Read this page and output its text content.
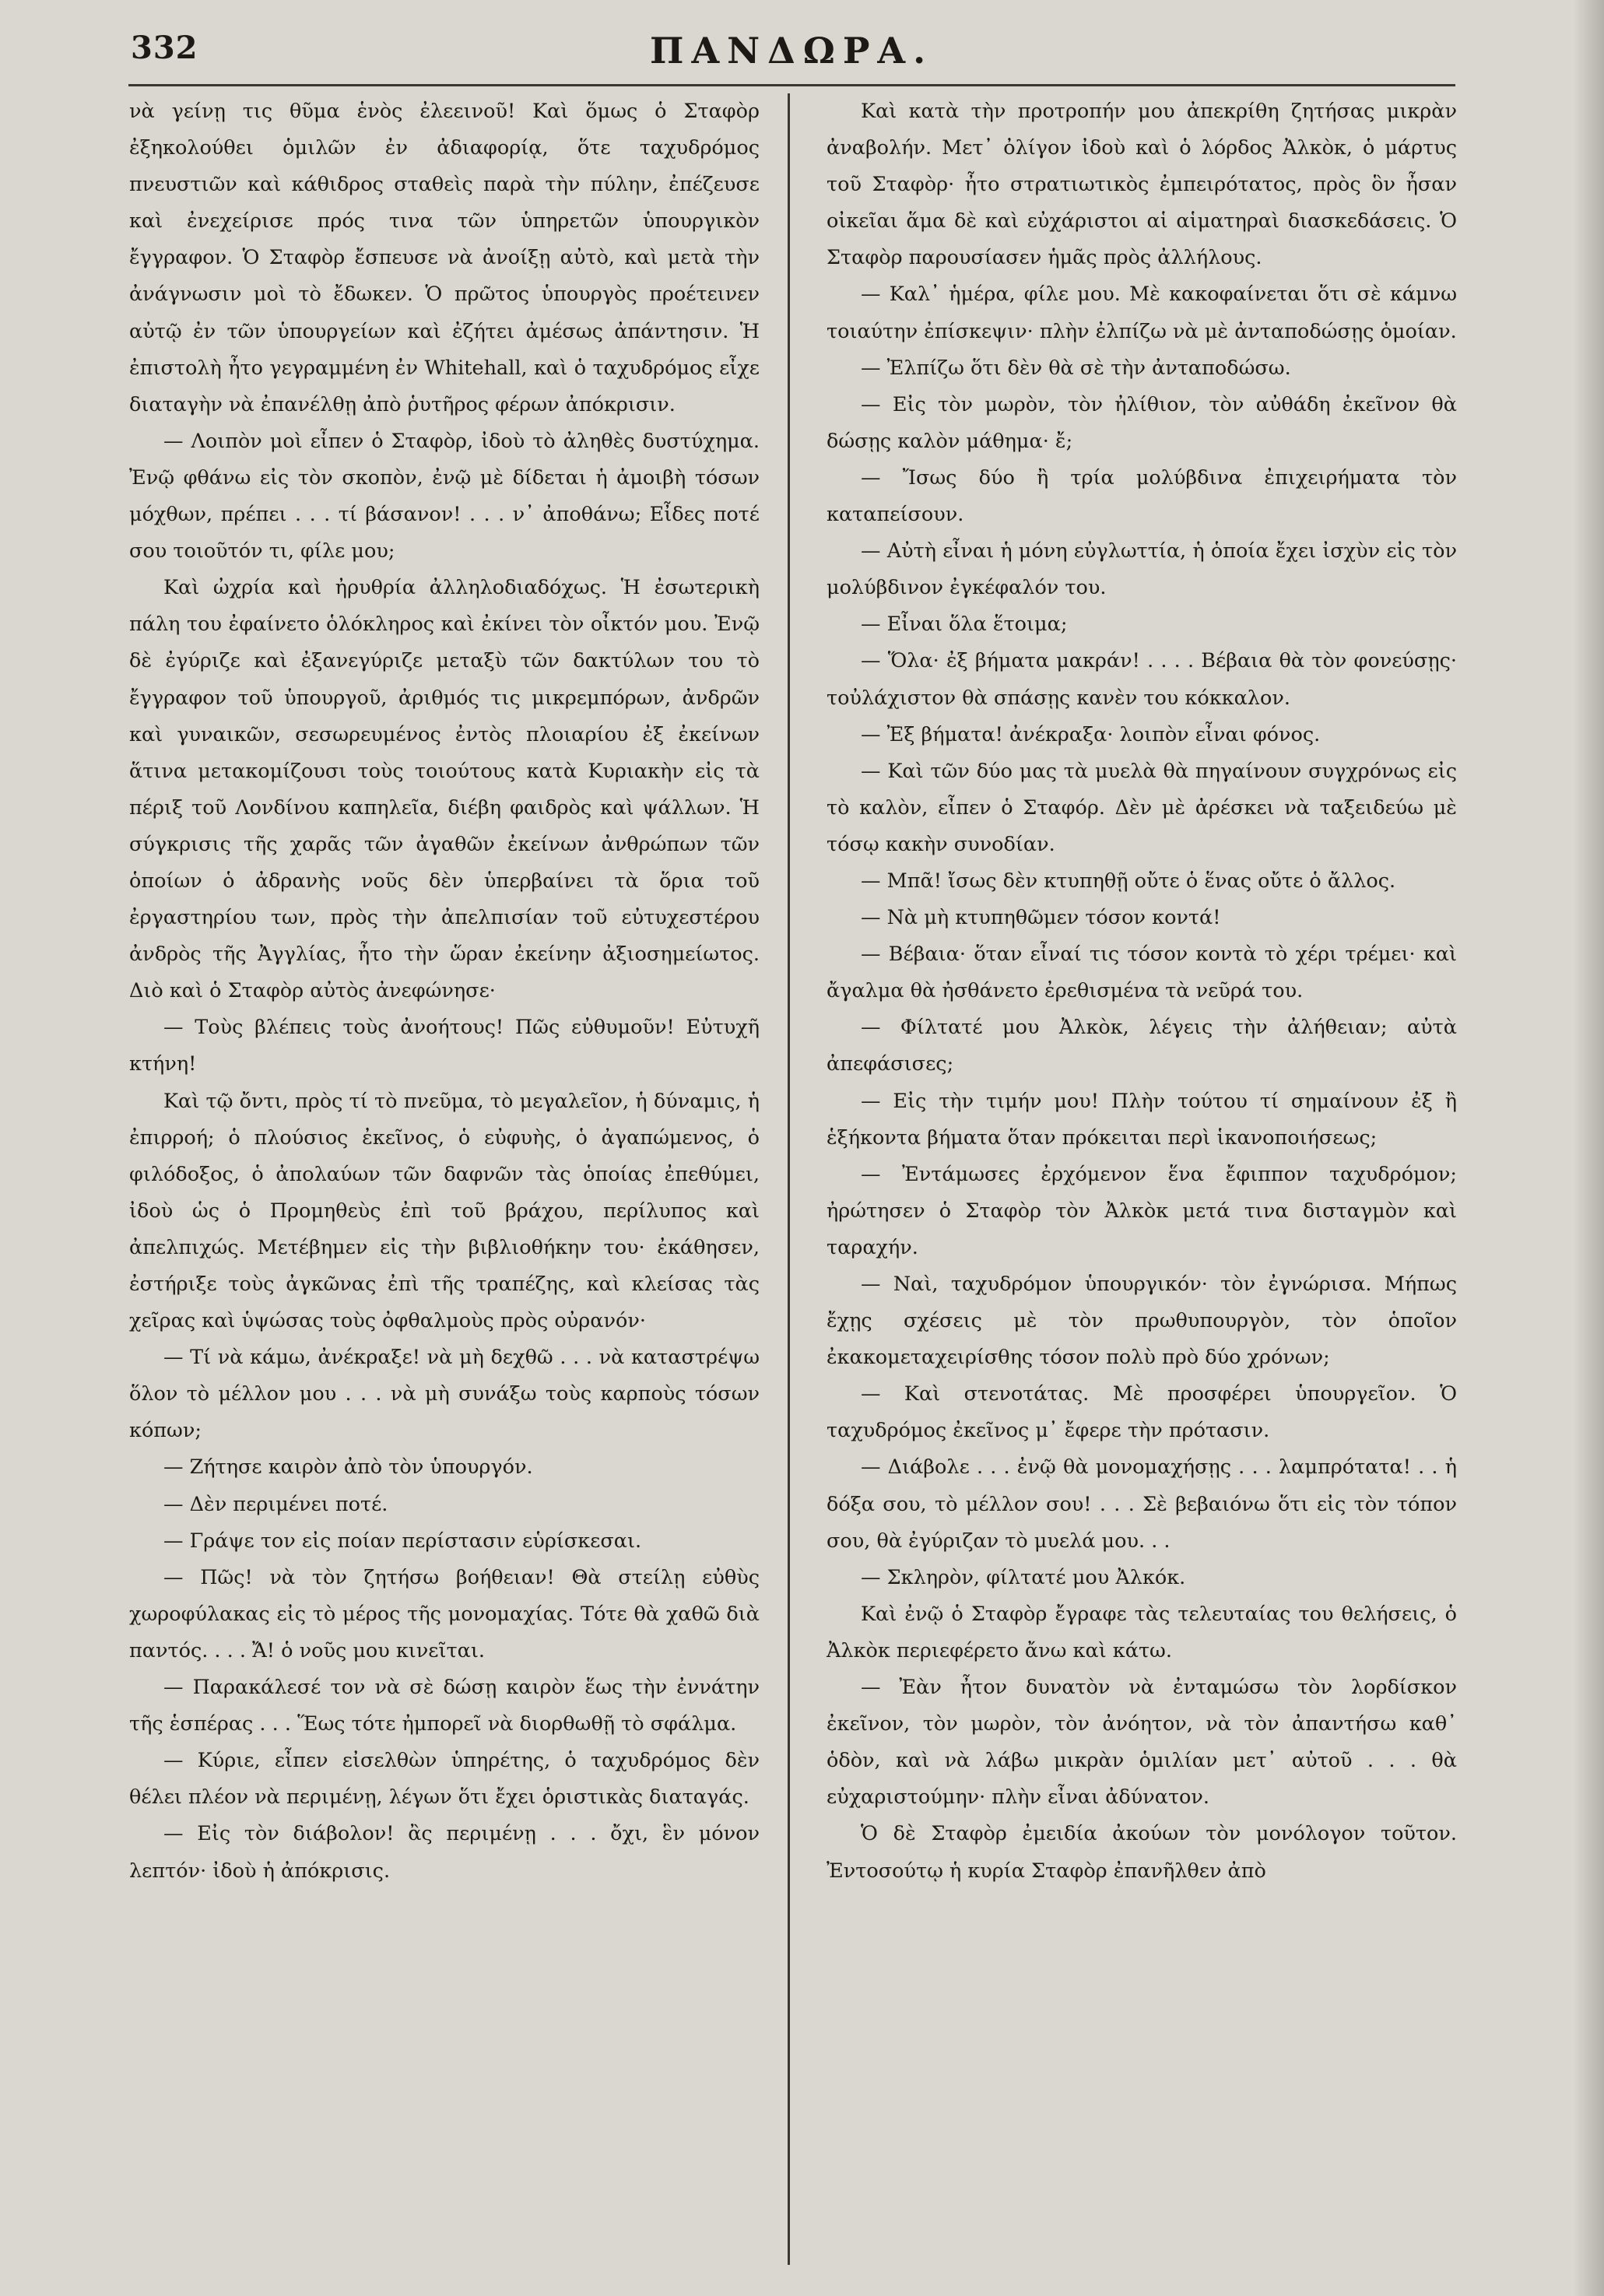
332	ΠΑΝΔΩΡΑ.

νὰ γείνῃ τις θῦμα ἑνὸς ἐλεεινοῦ! Καὶ ὅμως ὁ Σταφὸρ ἐξηκολούθει ὁμιλῶν ἐν ἀδιαφορίᾳ, ὅτε ταχυδρόμος πνευστιῶν καὶ κάθιδρος σταθεὶς παρὰ τὴν πύλην, ἐπέζευσε καὶ ἐνεχείρισε πρός τινα τῶν ὑπηρετῶν ὑπουργικὸν ἔγγραφον. Ὁ Σταφὸρ ἔσπευσε νὰ ἀνοίξῃ αὐτὸ, καὶ μετὰ τὴν ἀνάγνωσιν μοὶ τὸ ἔδωκεν. Ὁ πρῶτος ὑπουργὸς προέτεινεν αὐτῷ ἐν τῶν ὑπουργείων καὶ ἐζήτει ἀμέσως ἀπάντησιν. Ἡ ἐπιστολὴ ἦτο γεγραμμένη ἐν Whitehall, καὶ ὁ ταχυδρόμος εἶχε διαταγὴν νὰ ἐπανέλθῃ ἀπὸ ῥυτῆρος φέρων ἀπόκρισιν.

— Λοιπὸν μοὶ εἶπεν ὁ Σταφὸρ, ἰδοὺ τὸ ἀληθὲς δυστύχημα. Ἐνῷ φθάνω εἰς τὸν σκοπὸν, ἐνῷ μὲ δίδεται ἡ ἀμοιβὴ τόσων μόχθων, πρέπει . . . τί βάσανον! . . . ν᾽ ἀποθάνω; Εἶδες ποτέ σου τοιοῦτόν τι, φίλε μου;

Καὶ ὠχρία καὶ ἠρυθρία ἀλληλοδιαδόχως. Ἡ ἐσωτερικὴ πάλη του ἐφαίνετο ὁλόκληρος καὶ ἐκίνει τὸν οἶκτόν μου. Ἐνῷ δὲ ἐγύριζε καὶ ἐξανεγύριζε μεταξὺ τῶν δακτύλων του τὸ ἔγγραφον τοῦ ὑπουργοῦ, ἀριθμός τις μικρεμπόρων, ἀνδρῶν καὶ γυναικῶν, σεσωρευμένος ἐντὸς πλοιαρίου ἐξ ἐκείνων ἅτινα μετακομίζουσι τοὺς τοιούτους κατὰ Κυριακὴν εἰς τὰ πέριξ τοῦ Λονδίνου καπηλεῖα, διέβη φαιδρὸς καὶ ψάλλων. Ἡ σύγκρισις τῆς χαρᾶς τῶν ἀγαθῶν ἐκείνων ἀνθρώπων τῶν ὁποίων ὁ ἀδρανὴς νοῦς δὲν ὑπερβαίνει τὰ ὅρια τοῦ ἐργαστηρίου των, πρὸς τὴν ἀπελπισίαν τοῦ εὐτυχεστέρου ἀνδρὸς τῆς Ἀγγλίας, ἦτο τὴν ὥραν ἐκείνην ἀξιοσημείωτος. Διὸ καὶ ὁ Σταφὸρ αὐτὸς ἀνεφώνησε·

— Τοὺς βλέπεις τοὺς ἀνοήτους! Πῶς εὐθυμοῦν! Εὐτυχῆ κτήνη!

Καὶ τῷ ὄντι, πρὸς τί τὸ πνεῦμα, τὸ μεγαλεῖον, ἡ δύναμις, ἡ ἐπιρροή; ὁ πλούσιος ἐκεῖνος, ὁ εὐφυὴς, ὁ ἀγαπώμενος, ὁ φιλόδοξος, ὁ ἀπολαύων τῶν δαφνῶν τὰς ὁποίας ἐπεθύμει, ἰδοὺ ὡς ὁ Προμηθεὺς ἐπὶ τοῦ βράχου, περίλυπος καὶ ἀπελπιχώς. Μετέβημεν εἰς τὴν βιβλιοθήκην του· ἐκάθησεν, ἐστήριξε τοὺς ἀγκῶνας ἐπὶ τῆς τραπέζης, καὶ κλείσας τὰς χεῖρας καὶ ὑψώσας τοὺς ὀφθαλμοὺς πρὸς οὐρανόν·

— Τί νὰ κάμω, ἀνέκραξε! νὰ μὴ δεχθῶ . . . νὰ καταστρέψω ὅλον τὸ μέλλον μου . . . νὰ μὴ συνάξω τοὺς καρποὺς τόσων κόπων;

— Ζήτησε καιρὸν ἀπὸ τὸν ὑπουργόν.

— Δὲν περιμένει ποτέ.

— Γράψε τον εἰς ποίαν περίστασιν εὑρίσκεσαι.

— Πῶς! νὰ τὸν ζητήσω βοήθειαν! Θὰ στείλῃ εὐθὺς χωροφύλακας εἰς τὸ μέρος τῆς μονομαχίας. Τότε θὰ χαθῶ διὰ παντός. . . . Ἄ! ὁ νοῦς μου κινεῖται.

— Παρακάλεσέ τον νὰ σὲ δώσῃ καιρὸν ἕως τὴν ἐννάτην τῆς ἑσπέρας . . . Ἕως τότε ἠμπορεῖ νὰ διορθωθῇ τὸ σφάλμα.

— Κύριε, εἶπεν εἰσελθὼν ὑπηρέτης, ὁ ταχυδρόμος δὲν θέλει πλέον νὰ περιμένῃ, λέγων ὅτι ἔχει ὁριστικὰς διαταγάς.

— Εἰς τὸν διάβολον! ἂς περιμένῃ . . . ὄχι, ἓν μόνον λεπτόν· ἰδοὺ ἡ ἀπόκρισις.

Καὶ κατὰ τὴν προτροπήν μου ἀπεκρίθη ζητήσας μικρὰν ἀναβολήν. Μετ᾽ ὀλίγον ἰδοὺ καὶ ὁ λόρδος Ἀλκὸκ, ὁ μάρτυς τοῦ Σταφὸρ· ἦτο στρατιωτικὸς ἐμπειρότατος, πρὸς ὃν ἦσαν οἰκεῖαι ἅμα δὲ καὶ εὐχάριστοι αἱ αἱματηραὶ διασκεδάσεις. Ὁ Σταφὸρ παρουσίασεν ἡμᾶς πρὸς ἀλλήλους.

— Καλ᾽ ἡμέρα, φίλε μου. Μὲ κακοφαίνεται ὅτι σὲ κάμνω τοιαύτην ἐπίσκεψιν· πλὴν ἐλπίζω νὰ μὲ ἀνταποδώσῃς ὁμοίαν.

— Ἐλπίζω ὅτι δὲν θὰ σὲ τὴν ἀνταποδώσω.

— Εἰς τὸν μωρὸν, τὸν ἠλίθιον, τὸν αὐθάδη ἐκεῖνον θὰ δώσῃς καλὸν μάθημα· ἔ;

— Ἴσως δύο ἢ τρία μολύβδινα ἐπιχειρήματα τὸν καταπείσουν.

— Αὐτὴ εἶναι ἡ μόνη εὐγλωττία, ἡ ὁποία ἔχει ἰσχὺν εἰς τὸν μολύβδινον ἐγκέφαλόν του.

— Εἶναι ὅλα ἕτοιμα;

— Ὅλα· ἐξ βήματα μακράν! . . . . Βέβαια θὰ τὸν φονεύσῃς· τοὐλάχιστον θὰ σπάσῃς κανὲν του κόκκαλον.

— Ἐξ βήματα! ἀνέκραξα· λοιπὸν εἶναι φόνος.

— Καὶ τῶν δύο μας τὰ μυελὰ θὰ πηγαίνουν συγχρόνως εἰς τὸ καλὸν, εἶπεν ὁ Σταφόρ. Δὲν μὲ ἀρέσκει νὰ ταξειδεύω μὲ τόσῳ κακὴν συνοδίαν.

— Μπᾶ! ἴσως δὲν κτυπηθῇ οὔτε ὁ ἕνας οὔτε ὁ ἄλλος.

— Νὰ μὴ κτυπηθῶμεν τόσον κοντά!

— Βέβαια· ὅταν εἶναί τις τόσον κοντὰ τὸ χέρι τρέμει· καὶ ἄγαλμα θὰ ἠσθάνετο ἐρεθισμένα τὰ νεῦρά του.

— Φίλτατέ μου Ἀλκὸκ, λέγεις τὴν ἀλήθειαν; αὐτὰ ἀπεφάσισες;

— Εἰς τὴν τιμήν μου! Πλὴν τούτου τί σημαίνουν ἐξ ἢ ἑξήκοντα βήματα ὅταν πρόκειται περὶ ἱκανοποιήσεως;

— Ἐντάμωσες ἐρχόμενον ἕνα ἔφιππον ταχυδρόμον; ἠρώτησεν ὁ Σταφὸρ τὸν Ἀλκὸκ μετά τινα δισταγμὸν καὶ ταραχήν.

— Ναὶ, ταχυδρόμον ὑπουργικόν· τὸν ἐγνώρισα. Μήπως ἔχῃς σχέσεις μὲ τὸν πρωθυπουργὸν, τὸν ὁποῖον ἐκακομεταχειρίσθης τόσον πολὺ πρὸ δύο χρόνων;

— Καὶ στενοτάτας. Μὲ προσφέρει ὑπουργεῖον. Ὁ ταχυδρόμος ἐκεῖνος μ᾽ ἔφερε τὴν πρότασιν.

— Διάβολε . . . ἐνῷ θὰ μονομαχήσῃς . . . λαμπρότατα! . . ἡ δόξα σου, τὸ μέλλον σου! . . . Σὲ βεβαιόνω ὅτι εἰς τὸν τόπον σου, θὰ ἐγύριζαν τὸ μυελά μου. . .

— Σκληρὸν, φίλτατέ μου Ἀλκόκ.

Καὶ ἐνῷ ὁ Σταφὸρ ἔγραφε τὰς τελευταίας του θελήσεις, ὁ Ἀλκὸκ περιεφέρετο ἄνω καὶ κάτω.

— Ἐὰν ἦτον δυνατὸν νὰ ἐνταμώσω τὸν λορδίσκον ἐκεῖνον, τὸν μωρὸν, τὸν ἀνόητον, νὰ τὸν ἀπαντήσω καθ᾽ ὁδὸν, καὶ νὰ λάβω μικρὰν ὁμιλίαν μετ᾽ αὐτοῦ . . . θὰ εὐχαριστούμην· πλὴν εἶναι ἀδύνατον.

Ὁ δὲ Σταφὸρ ἐμειδία ἀκούων τὸν μονόλογον τοῦτον. Ἐντοσούτῳ ἡ κυρία Σταφὸρ ἐπανῆλθεν ἀπὸ
